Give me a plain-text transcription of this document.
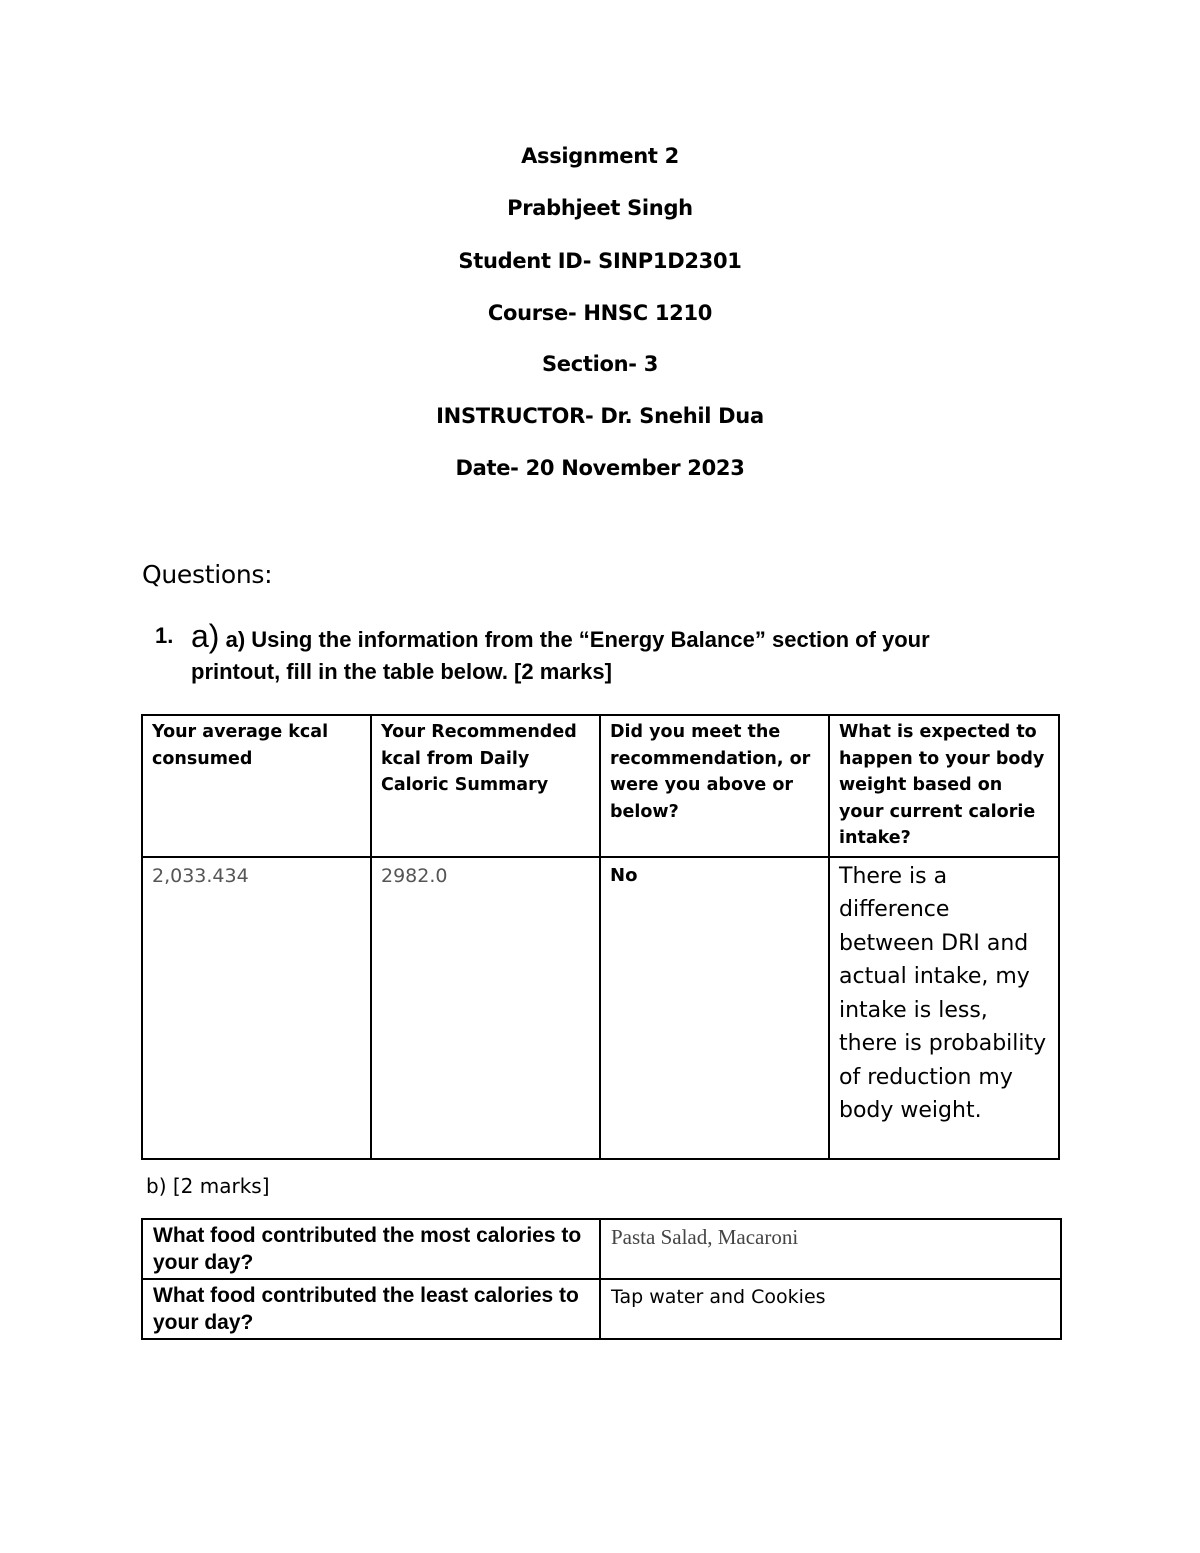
Assignment 2
Prabhjeet Singh
Student ID- SINP1D2301
Course- HNSC 1210
Section- 3
INSTRUCTOR- Dr. Snehil Dua
Date- 20 November 2023
Questions:
1. a) a) Using the information from the “Energy Balance” section of your
printout, fill in the table below. [2 marks]
Your average kcal consumed	Your Recommended kcal from Daily Caloric Summary	Did you meet the recommendation, or were you above or below?	What is expected to happen to your body weight based on your current calorie intake?
2,033.434	2982.0	No	There is a difference between DRI and actual intake, my intake is less, there is probability of reduction my body weight.
b) [2 marks]
What food contributed the most calories to your day?	Pasta Salad, Macaroni
What food contributed the least calories to your day?	Tap water and Cookies
